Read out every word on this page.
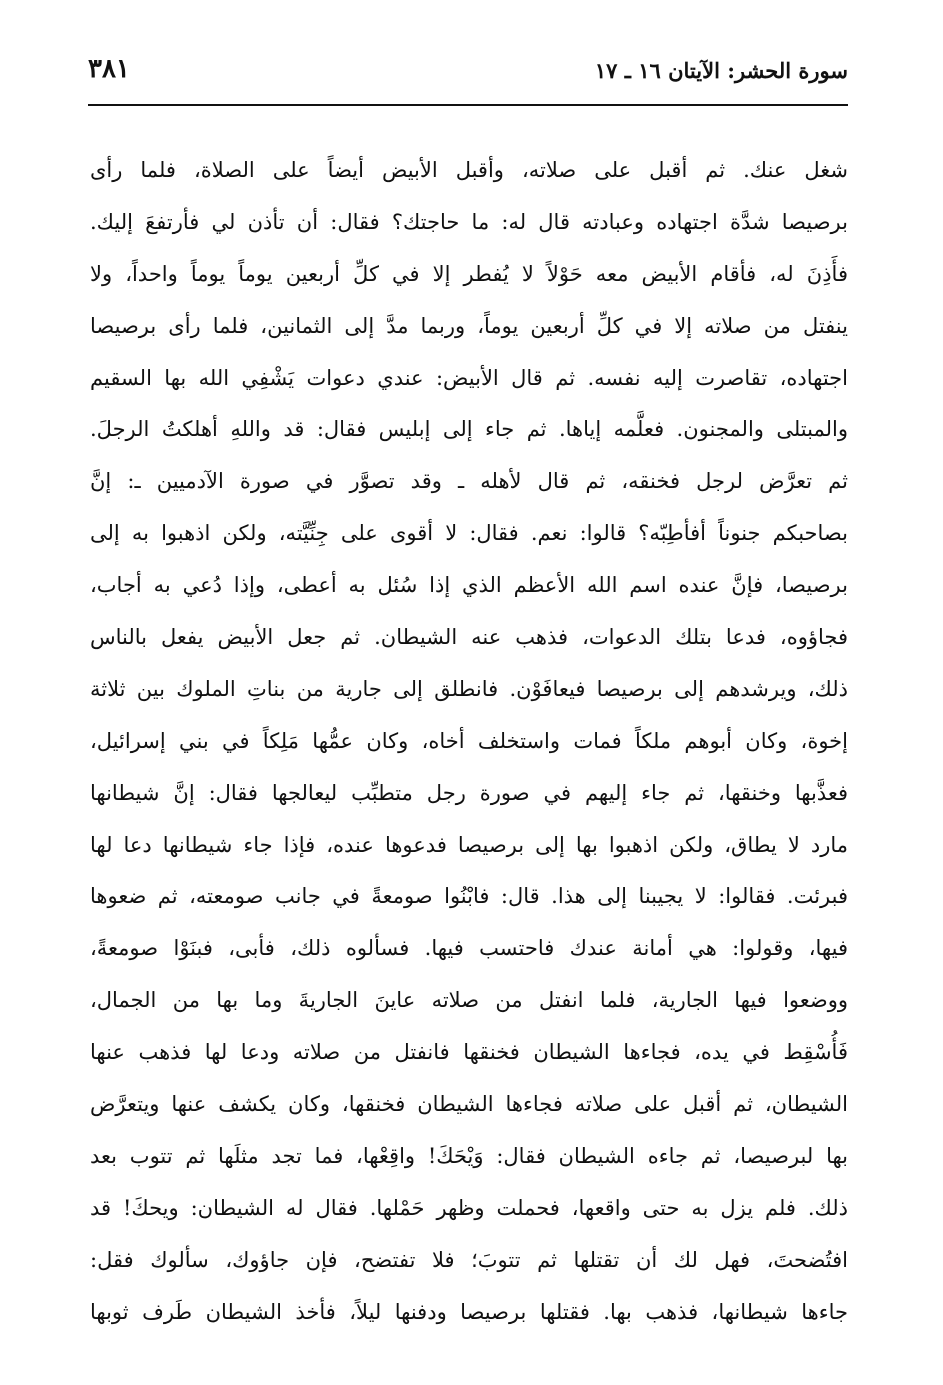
سورة الحشر: الآيتان ١٦ ـ ١٧
٣٨١
شغل عنك. ثم أقبل على صلاته، وأقبل الأبيض أيضاً على الصلاة، فلما رأى
برصيصا شدَّة اجتهاده وعبادته قال له: ما حاجتك؟ فقال: أن تأذن لي فأرتفعَ إليك.
فأَذِنَ له، فأقام الأبيض معه حَوْلاً لا يُفطر إلا في كلِّ أربعين يوماً يوماً واحداً، ولا
ينفتل من صلاته إلا في كلِّ أربعين يوماً، وربما مدَّ إلى الثمانين، فلما رأى برصيصا
اجتهاده، تقاصرت إليه نفسه. ثم قال الأبيض: عندي دعوات يَشْفِي الله بها السقيم
والمبتلى والمجنون. فعلَّمه إياها. ثم جاء إلى إبليس فقال: قد واللهِ أهلكتُ الرجلَ.
ثم تعرَّض لرجل فخنقه، ثم قال لأهله ـ وقد تصوَّر في صورة الآدميين ـ: إنَّ
بصاحبكم جنوناً أفأطِبّه؟ قالوا: نعم. فقال: لا أقوى على جِنِّيَّته، ولكن اذهبوا به إلى
برصيصا، فإنَّ عنده اسم الله الأعظم الذي إذا سُئل به أعطى، وإذا دُعي به أجاب،
فجاؤوه، فدعا بتلك الدعوات، فذهب عنه الشيطان. ثم جعل الأبيض يفعل بالناس
ذلك، ويرشدهم إلى برصيصا فيعافَوْن. فانطلق إلى جارية من بناتِ الملوك بين ثلاثة
إخوة، وكان أبوهم ملكاً فمات واستخلف أخاه، وكان عمُّها مَلِكاً في بني إسرائيل،
فعذَّبها وخنقها، ثم جاء إليهم في صورة رجل متطبِّب ليعالجها فقال: إنَّ شيطانها
مارد لا يطاق، ولكن اذهبوا بها إلى برصيصا فدعوها عنده، فإذا جاء شيطانها دعا لها
فبرئت. فقالوا: لا يجيبنا إلى هذا. قال: فابْنُوا صومعةً في جانب صومعته، ثم ضعوها
فيها، وقولوا: هي أمانة عندك فاحتسب فيها. فسألوه ذلك، فأبى، فبنَوْا صومعةً،
ووضعوا فيها الجارية، فلما انفتل من صلاته عاينَ الجاريةَ وما بها من الجمال،
فَأُسْقِط في يده، فجاءها الشيطان فخنقها فانفتل من صلاته ودعا لها فذهب عنها
الشيطان، ثم أقبل على صلاته فجاءها الشيطان فخنقها، وكان يكشف عنها ويتعرَّض
بها لبرصيصا، ثم جاءه الشيطان فقال: وَيْحَكَ! واقِعْها، فما تجد مثلَها ثم تتوب بعد
ذلك. فلم يزل به حتى واقعها، فحملت وظهر حَمْلها. فقال له الشيطان: ويحكَ! قد
افتُضحتَ، فهل لك أن تقتلها ثم تتوبَ؛ فلا تفتضح، فإن جاؤوك، سألوك فقل:
جاءها شيطانها، فذهب بها. فقتلها برصيصا ودفنها ليلاً، فأخذ الشيطان طَرف ثوبها
